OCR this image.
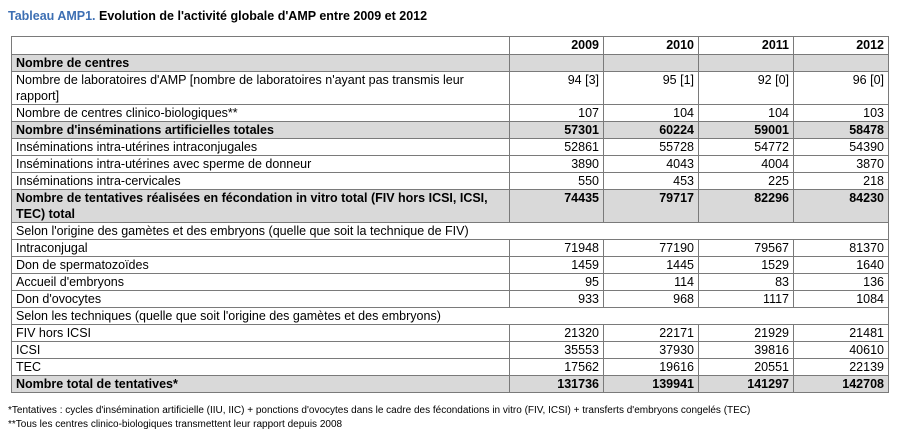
Tableau AMP1. Evolution de l'activité globale d'AMP entre 2009 et 2012
	2009	2010	2011	2012
Nombre de centres				
Nombre de laboratoires d'AMP [nombre de laboratoires n'ayant pas transmis leur rapport]	94 [3]	95 [1]	92 [0]	96 [0]
Nombre de centres clinico-biologiques**	107	104	104	103
Nombre d'inséminations artificielles totales	57301	60224	59001	58478
Inséminations intra-utérines intraconjugales	52861	55728	54772	54390
Inséminations intra-utérines avec sperme de donneur	3890	4043	4004	3870
Inséminations intra-cervicales	550	453	225	218
Nombre de tentatives réalisées en fécondation in vitro total (FIV hors ICSI, ICSI, TEC) total	74435	79717	82296	84230
Selon l'origine des gamètes et des embryons (quelle que soit la technique de FIV)				
Intraconjugal	71948	77190	79567	81370
Don de spermatozoïdes	1459	1445	1529	1640
Accueil d'embryons	95	114	83	136
Don d'ovocytes	933	968	1117	1084
Selon les techniques (quelle que soit l'origine des gamètes et des embryons)				
FIV hors ICSI	21320	22171	21929	21481
ICSI	35553	37930	39816	40610
TEC	17562	19616	20551	22139
Nombre total de tentatives*	131736	139941	141297	142708
*Tentatives : cycles d'insémination artificielle (IIU, IIC) + ponctions d'ovocytes dans le cadre des fécondations in vitro (FIV, ICSI) + transferts d'embryons congelés (TEC)
**Tous les centres clinico-biologiques transmettent leur rapport depuis 2008
